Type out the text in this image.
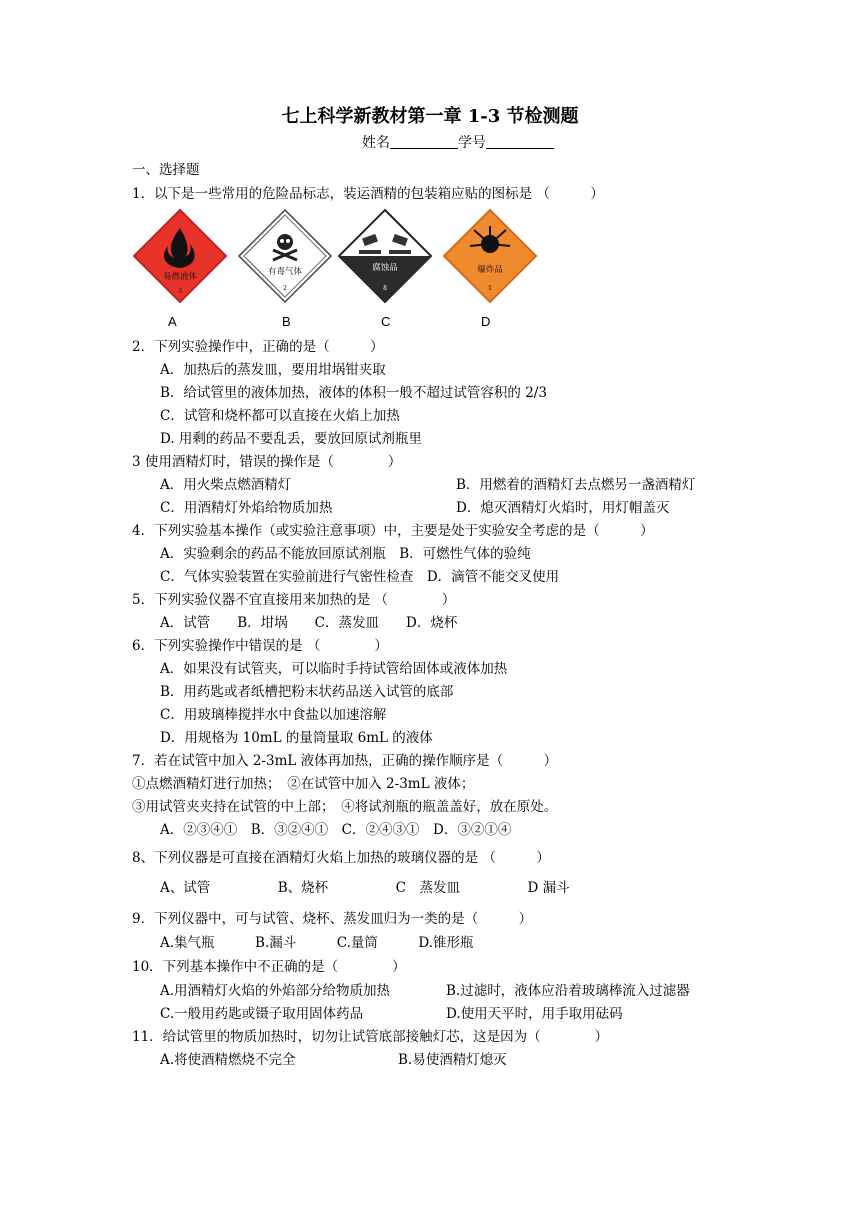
七上科学新教材第一章 1-3 节检测题
姓名	学号
一、选择题
1．以下是一些常用的危险品标志，装运酒精的包装箱应贴的图标是 （　　　）
易燃液体
3
有毒气体
2
腐蚀品
8
爆炸品
1
A	B	C	D
2．下列实验操作中，正确的是（　　　）
A．加热后的蒸发皿，要用坩埚钳夹取
B．给试管里的液体加热，液体的体积一般不超过试管容积的 2/3
C．试管和烧杯都可以直接在火焰上加热
D. 用剩的药品不要乱丢，要放回原试剂瓶里
3 使用酒精灯时，错误的操作是（　　　　）
A．用火柴点燃酒精灯	B．用燃着的酒精灯去点燃另一盏酒精灯
C．用酒精灯外焰给物质加热	D．熄灭酒精灯火焰时，用灯帽盖灭
4．下列实验基本操作（或实验注意事项）中，主要是处于实验安全考虑的是（　　　）
A．实验剩余的药品不能放回原试剂瓶　B．可燃性气体的验纯
C．气体实验装置在实验前进行气密性检查　D．滴管不能交叉使用
5．下列实验仪器不宜直接用来加热的是 （　　　　）
A．试管　　B．坩埚　　C．蒸发皿　　D．烧杯
6．下列实验操作中错误的是 （　　　　）
A．如果没有试管夹，可以临时手持试管给固体或液体加热
B．用药匙或者纸槽把粉末状药品送入试管的底部
C．用玻璃棒搅拌水中食盐以加速溶解
D．用规格为 10mL 的量筒量取 6mL 的液体
7．若在试管中加入 2-3mL 液体再加热，正确的操作顺序是（　　　）
①点燃酒精灯进行加热；　②在试管中加入 2-3mL 液体；
③用试管夹夹持在试管的中上部；　④将试剂瓶的瓶盖盖好，放在原处。
A．②③④①　B．③②④①　C．②④③①　D．③②①④
8、下列仪器是可直接在酒精灯火焰上加热的玻璃仪器的是 （　　　）
A、试管　　　　　B、烧杯　　　　　C　蒸发皿　　　　　D 漏斗
9．下列仪器中，可与试管、烧杯、蒸发皿归为一类的是（　　　）
A.集气瓶　　　B.漏斗　　　C.量筒　　　D.锥形瓶
10．下列基本操作中不正确的是（　　　　）
A.用酒精灯火焰的外焰部分给物质加热	B.过滤时，液体应沿着玻璃棒流入过滤器
C.一般用药匙或镊子取用固体药品	D.使用天平时，用手取用砝码
11．给试管里的物质加热时，切勿让试管底部接触灯芯，这是因为（　　　　）
A.将使酒精燃烧不完全	B.易使酒精灯熄灭
